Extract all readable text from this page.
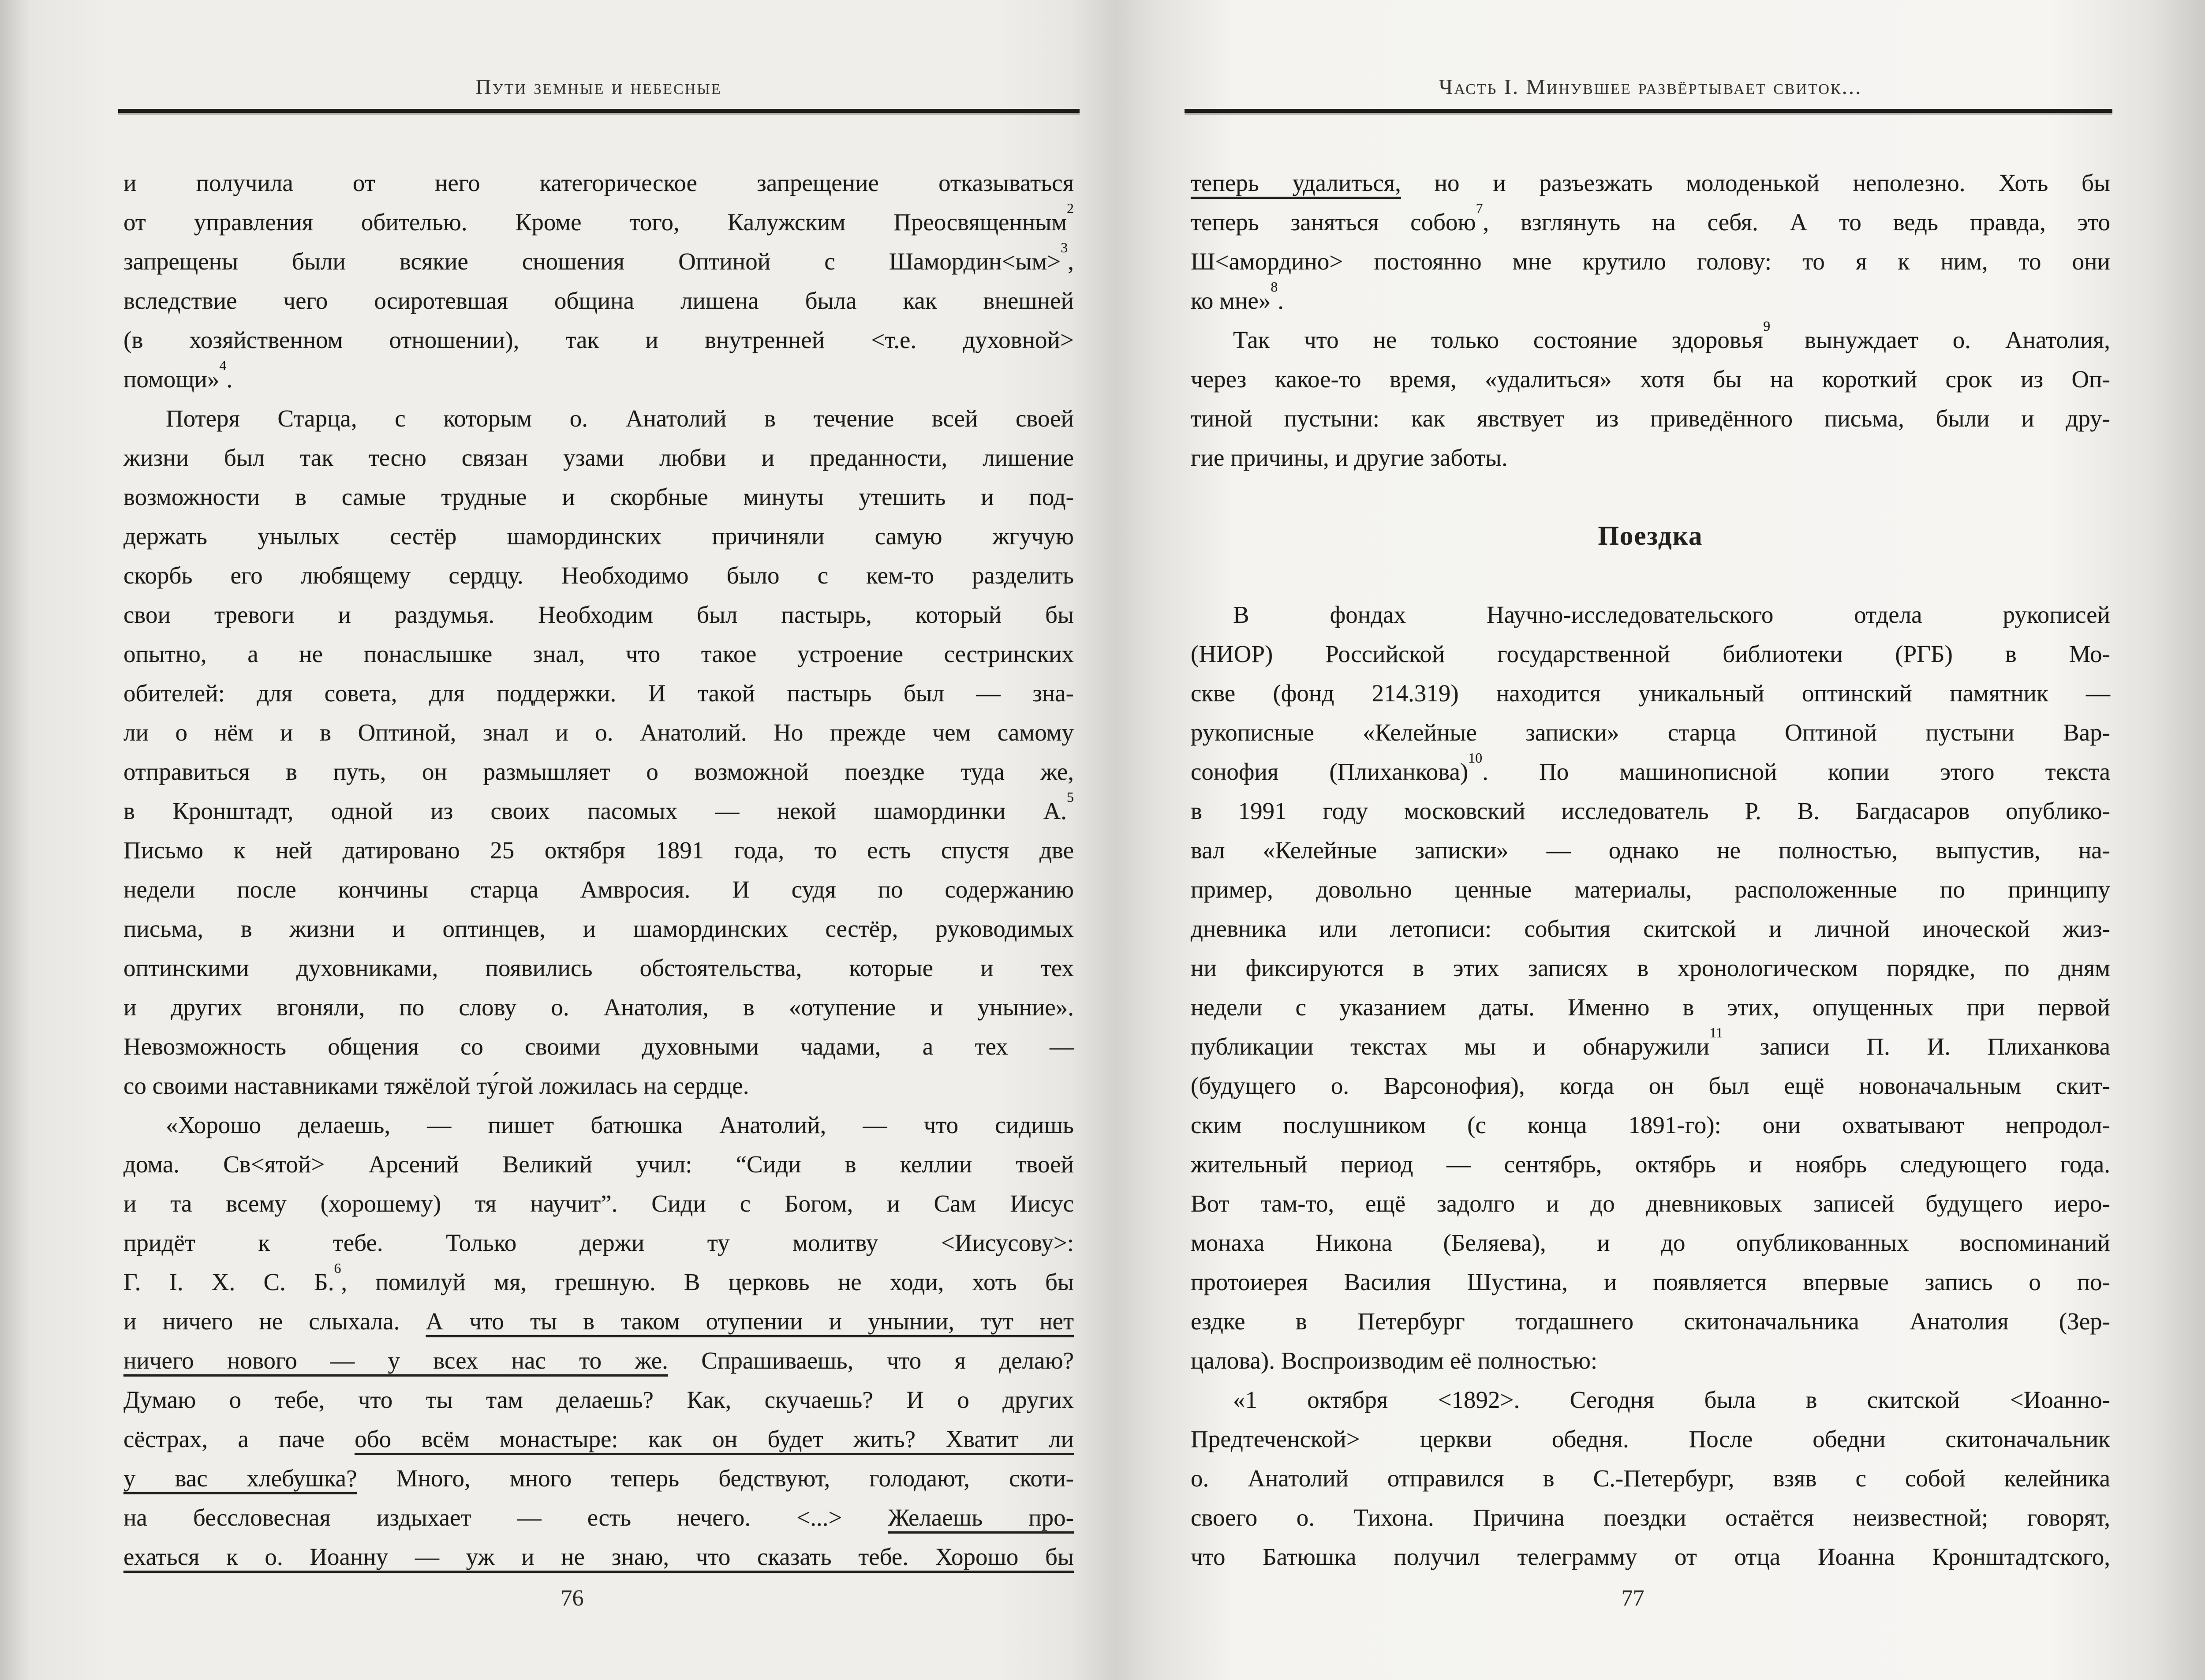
Пути земные и небесные
и получила от него категорическое запрещение отказываться
от управления обителью. Кроме того, Калужским Преосвященным$^2$
запрещены были всякие сношения Оптиной с Шамордин<ым>$^3$,
вследствие чего осиротевшая община лишена была как внешней
(в хозяйственном отношении), так и внутренней <т.е. духовной>
помощи»$^4$.
Потеря Старца, с которым о. Анатолий в течение всей своей
жизни был так тесно связан узами любви и преданности, лишение
возможности в самые трудные и скорбные минуты утешить и под-
держать унылых сестёр шамординских причиняли самую жгучую
скорбь его любящему сердцу. Необходимо было с кем-то разделить
свои тревоги и раздумья. Необходим был пастырь, который бы
опытно, а не понаслышке знал, что такое устроение сестринских
обителей: для совета, для поддержки. И такой пастырь был — зна-
ли о нём и в Оптиной, знал и о. Анатолий. Но прежде чем самому
отправиться в путь, он размышляет о возможной поездке туда же,
в Кронштадт, одной из своих пасомых — некой шамординки А.$^5$
Письмо к ней датировано 25 октября 1891 года, то есть спустя две
недели после кончины старца Амвросия. И судя по содержанию
письма, в жизни и оптинцев, и шамординских сестёр, руководимых
оптинскими духовниками, появились обстоятельства, которые и тех
и других вгоняли, по слову о. Анатолия, в «отупение и уныние».
Невозможность общения со своими духовными чадами, а тех —
со своими наставниками тяжёлой ту́гой ложилась на сердце.
«Хорошо делаешь, — пишет батюшка Анатолий, — что сидишь
дома. Св<ятой> Арсений Великий учил: “Сиди в келлии твоей
и та всему (хорошему) тя научит”. Сиди с Богом, и Сам Иисус
придёт к тебе. Только держи ту молитву <Иисусову>:
Г. І. Х. С. Б.$^6$, помилуй мя, грешную. В церковь не ходи, хоть бы
и ничего не слыхала. А что ты в таком отупении и унынии, тут нет
ничего нового — у всех нас то же. Спрашиваешь, что я делаю?
Думаю о тебе, что ты там делаешь? Как, скучаешь? И о других
сёстрах, а паче обо всём монастыре: как он будет жить? Хватит ли
у вас хлебушка? Много, много теперь бедствуют, голодают, скоти-
на бессловесная издыхает — есть нечего. <...> Желаешь про-
ехаться к о. Иоанну — уж и не знаю, что сказать тебе. Хорошо бы
76
Часть I. Минувшее развёртывает свиток...
теперь удалиться, но и разъезжать молоденькой неполезно. Хоть бы
теперь заняться собою$^7$, взглянуть на себя. А то ведь правда, это
Ш<амордино> постоянно мне крутило голову: то я к ним, то они
ко мне»$^8$.
Так что не только состояние здоровья$^9$ вынуждает о. Анатолия,
через какое-то время, «удалиться» хотя бы на короткий срок из Оп-
тиной пустыни: как явствует из приведённого письма, были и дру-
гие причины, и другие заботы.
Поездка
В фондах Научно-исследовательского отдела рукописей
(НИОР) Российской государственной библиотеки (РГБ) в Мо-
скве (фонд 214.319) находится уникальный оптинский памятник —
рукописные «Келейные записки» старца Оптиной пустыни Вар-
сонофия (Плиханкова)$^{10}$. По машинописной копии этого текста
в 1991 году московский исследователь Р. В. Багдасаров опублико-
вал «Келейные записки» — однако не полностью, выпустив, на-
пример, довольно ценные материалы, расположенные по принципу
дневника или летописи: события скитской и личной иноческой жиз-
ни фиксируются в этих записях в хронологическом порядке, по дням
недели с указанием даты. Именно в этих, опущенных при первой
публикации текстах мы и обнаружили$^{11}$ записи П. И. Плиханкова
(будущего о. Варсонофия), когда он был ещё новоначальным скит-
ским послушником (с конца 1891-го): они охватывают непродол-
жительный период — сентябрь, октябрь и ноябрь следующего года.
Вот там-то, ещё задолго и до дневниковых записей будущего иеро-
монаха Никона (Беляева), и до опубликованных воспоминаний
протоиерея Василия Шустина, и появляется впервые запись о по-
ездке в Петербург тогдашнего скитоначальника Анатолия (Зер-
цалова). Воспроизводим её полностью:
«1 октября <1892>. Сегодня была в скитской <Иоанно-
Предтеченской> церкви обедня. После обедни скитоначальник
о. Анатолий отправился в С.-Петербург, взяв с собой келейника
своего о. Тихона. Причина поездки остаётся неизвестной; говорят,
что Батюшка получил телеграмму от отца Иоанна Кронштадтского,
77
